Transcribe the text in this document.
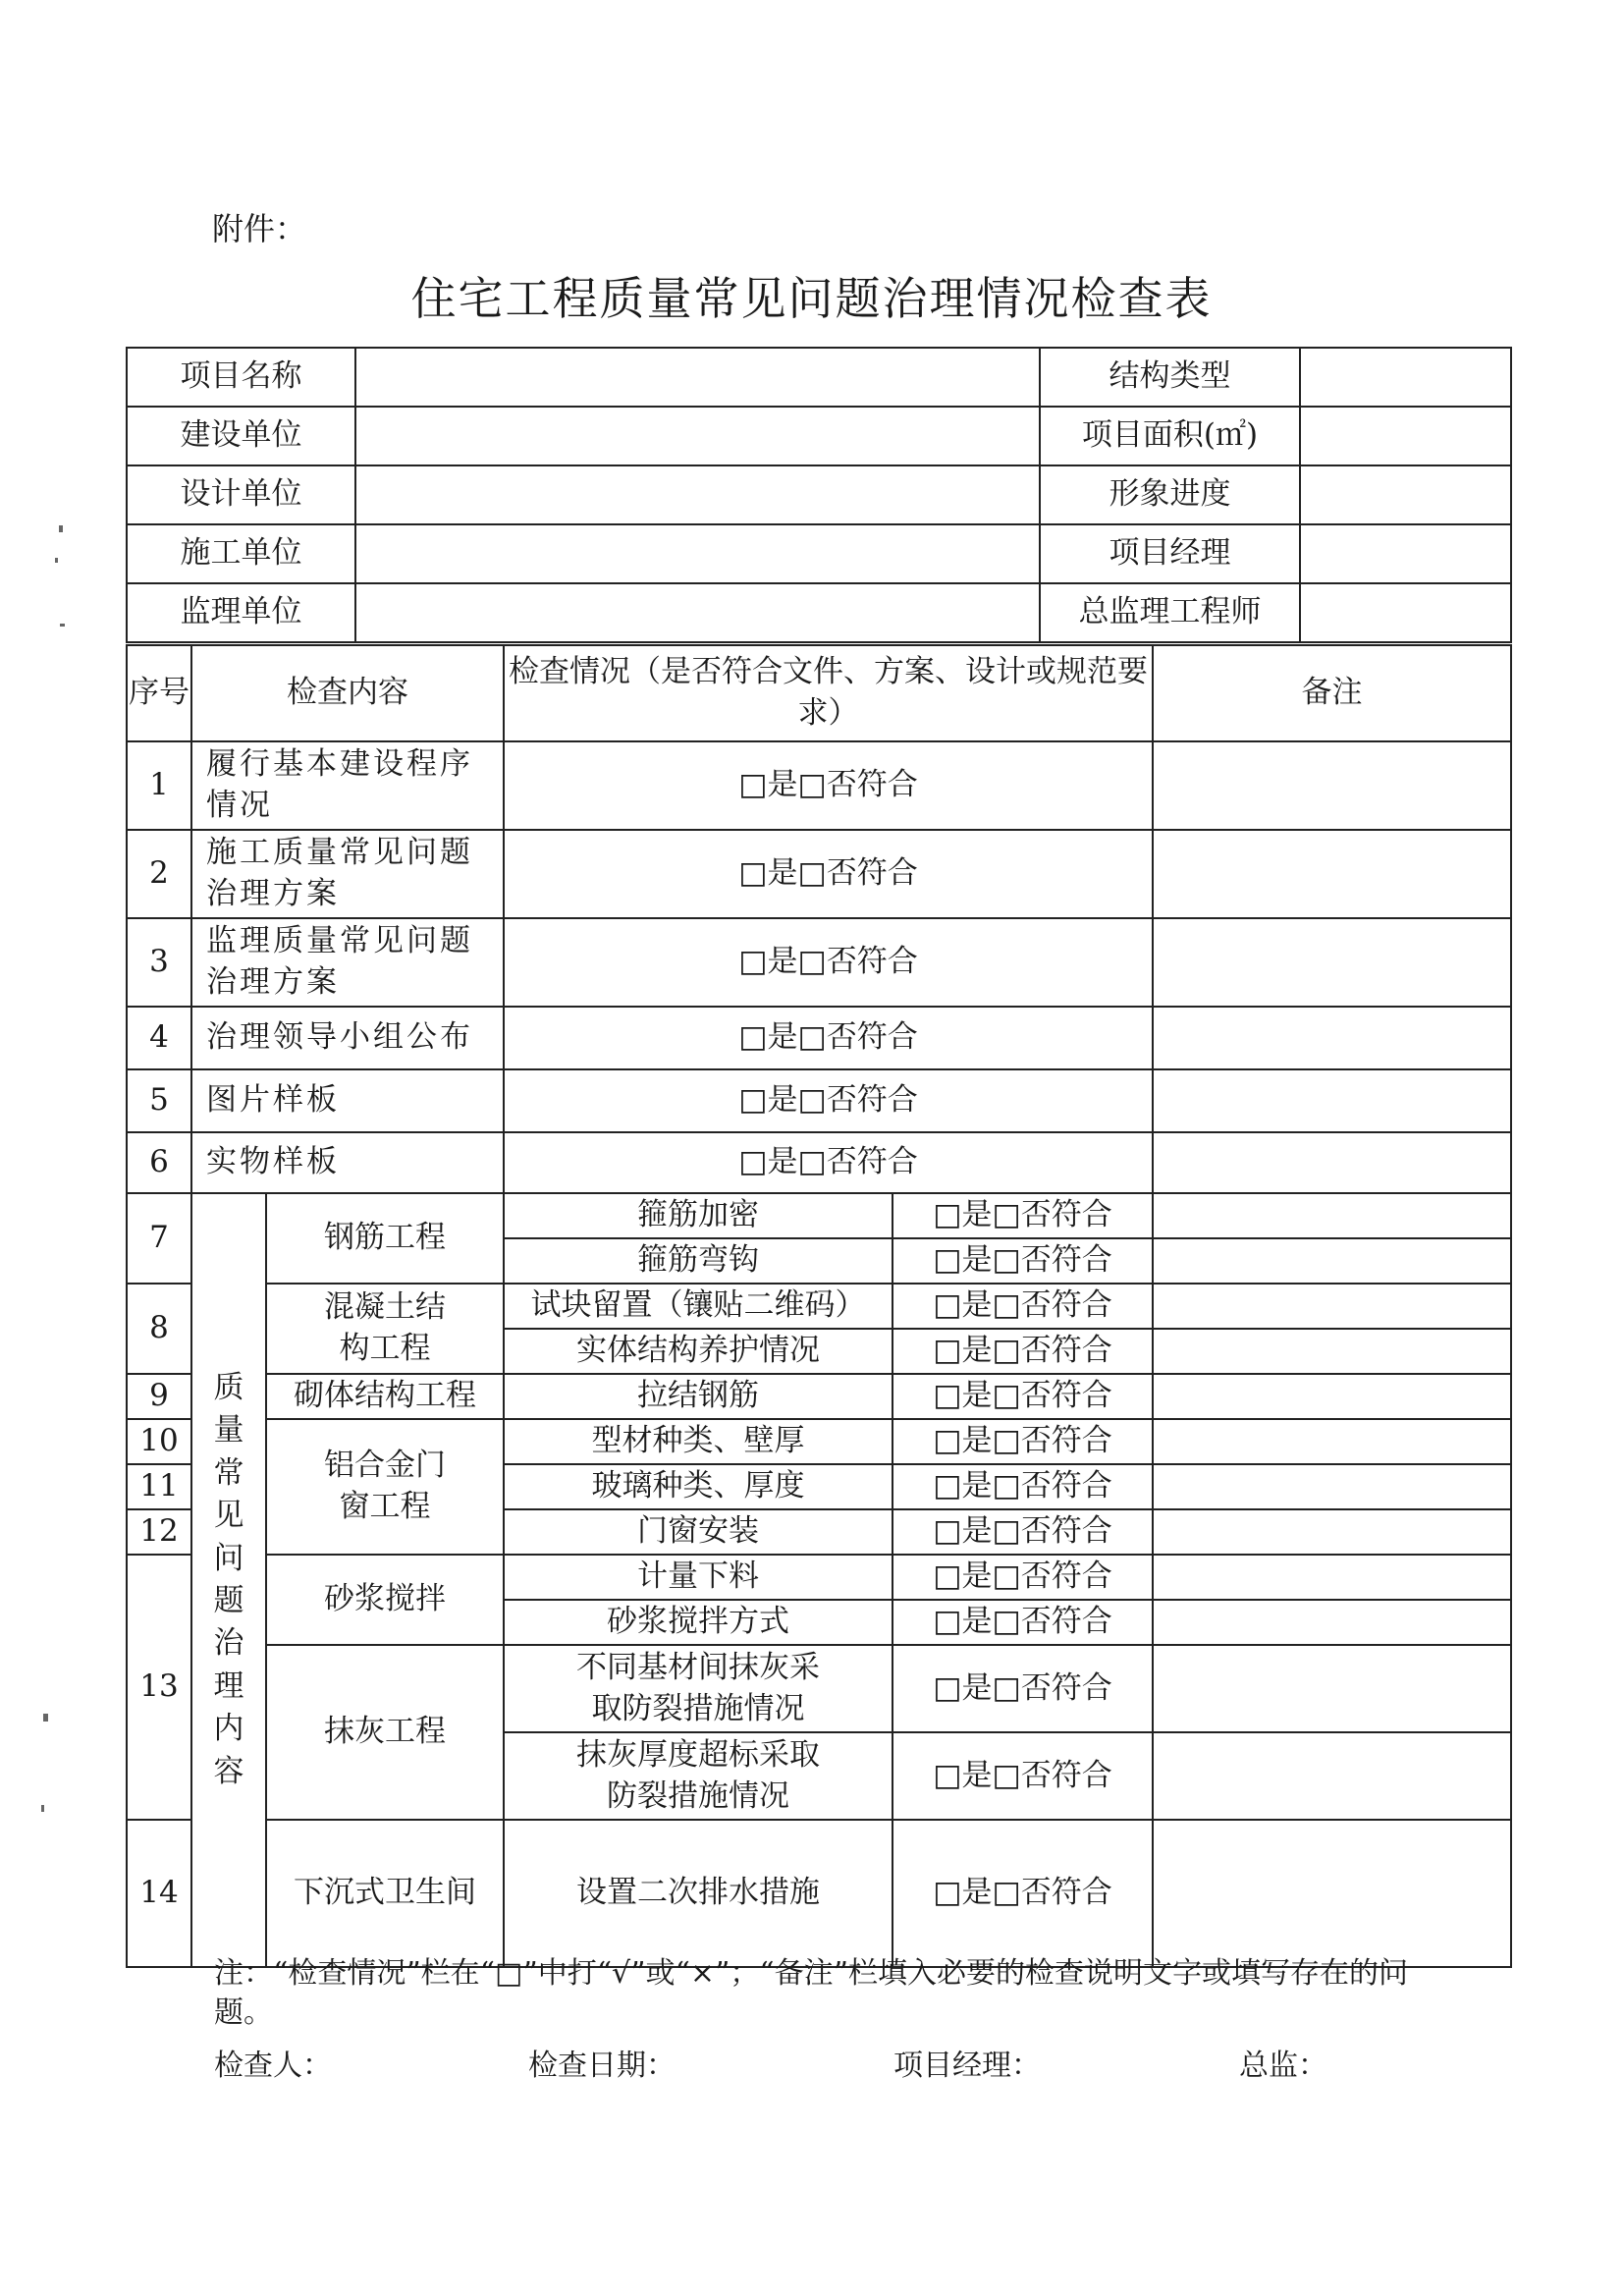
附件：
住宅工程质量常见问题治理情况检查表
项目名称		结构类型	
建设单位		项目面积(㎡)	
设计单位		形象进度	
施工单位		项目经理	
监理单位		总监理工程师	
序号	检查内容		检查情况（是否符合文件、方案、设计或规范要求）		备注
1	履行基本建设程序情况		□是□否符合		
2	施工质量常见问题治理方案		□是□否符合		
3	监理质量常见问题治理方案		□是□否符合		
4	治理领导小组公布		□是□否符合		
5	图片样板		□是□否符合		
6	实物样板		□是□否符合		
7	质量常见问题治理内容	钢筋工程	箍筋加密	□是□否符合	
			箍筋弯钩	□是□否符合	
8		混凝土结构工程	试块留置（镶贴二维码）	□是□否符合	
			实体结构养护情况	□是□否符合	
9		砌体结构工程	拉结钢筋	□是□否符合	
10		铝合金门窗工程	型材种类、壁厚	□是□否符合	
11			玻璃种类、厚度	□是□否符合	
12			门窗安装	□是□否符合	
13		砂浆搅拌	计量下料	□是□否符合	
			砂浆搅拌方式	□是□否符合	
		抹灰工程	不同基材间抹灰采取防裂措施情况	□是□否符合	
			抹灰厚度超标采取防裂措施情况	□是□否符合	
14		下沉式卫生间	设置二次排水措施	□是□否符合	
注：“检查情况”栏在“□”中打“√”或“×”；“备注”栏填入必要的检查说明文字或填写存在的问题。
检查人：	检查日期：	项目经理：	总监：
